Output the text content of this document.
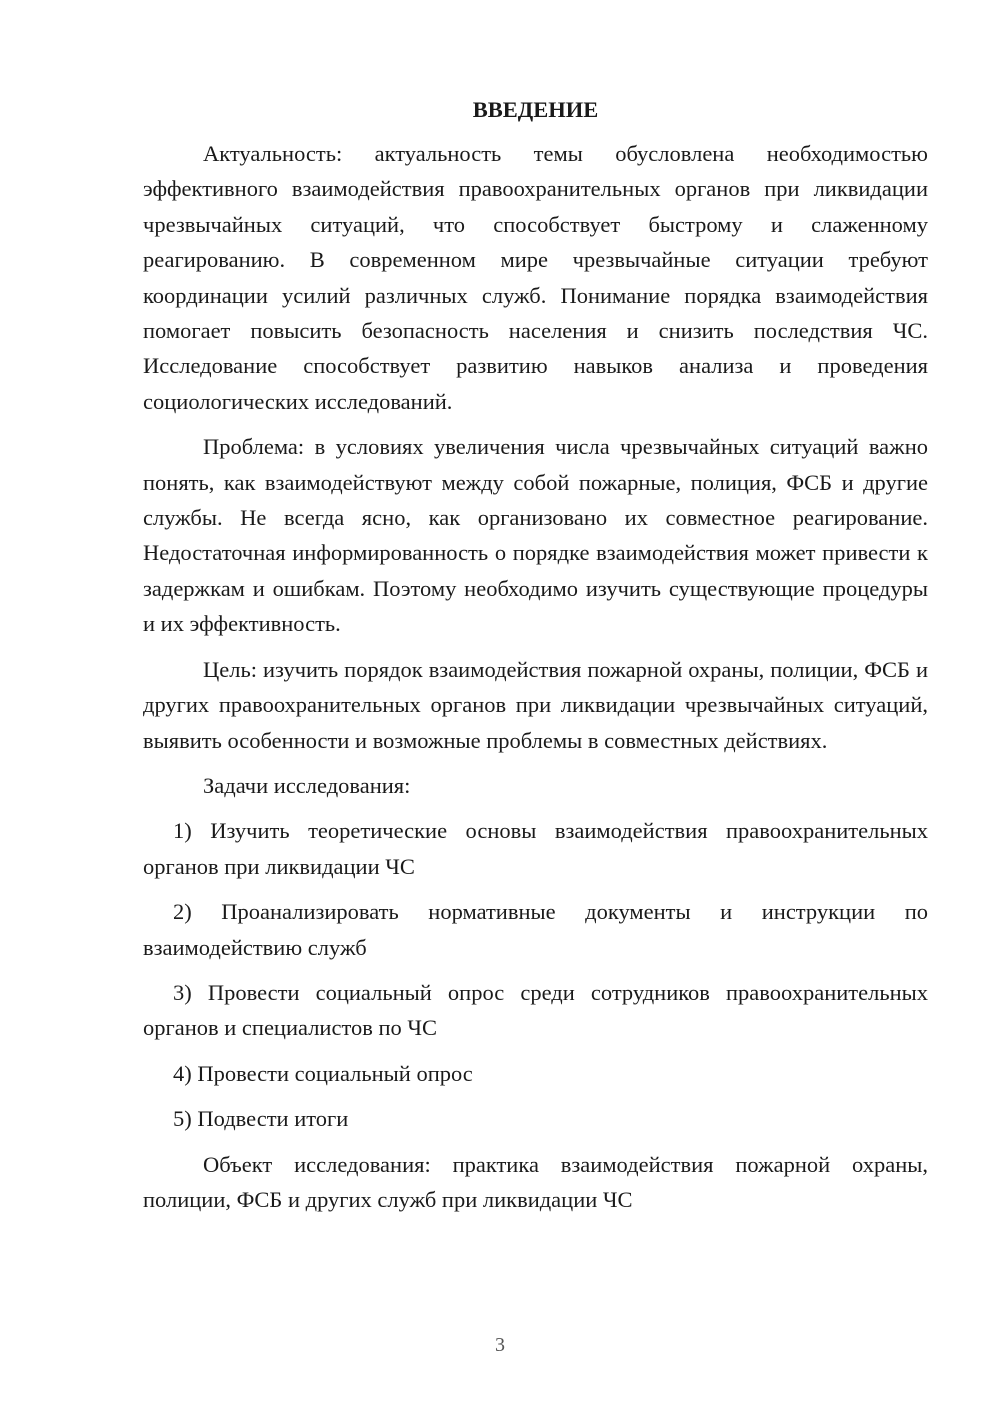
ВВЕДЕНИЕ

Актуальность: актуальность темы обусловлена необходимостью эффективного взаимодействия правоохранительных органов при ликвидации чрезвычайных ситуаций, что способствует быстрому и слаженному реагированию. В современном мире чрезвычайные ситуации требуют координации усилий различных служб. Понимание порядка взаимодействия помогает повысить безопасность населения и снизить последствия ЧС. Исследование способствует развитию навыков анализа и проведения социологических исследований.

Проблема: в условиях увеличения числа чрезвычайных ситуаций важно понять, как взаимодействуют между собой пожарные, полиция, ФСБ и другие службы. Не всегда ясно, как организовано их совместное реагирование. Недостаточная информированность о порядке взаимодействия может привести к задержкам и ошибкам. Поэтому необходимо изучить существующие процедуры и их эффективность.

Цель: изучить порядок взаимодействия пожарной охраны, полиции, ФСБ и других правоохранительных органов при ликвидации чрезвычайных ситуаций, выявить особенности и возможные проблемы в совместных действиях.

Задачи исследования:

1) Изучить теоретические основы взаимодействия правоохранительных органов при ликвидации ЧС

2) Проанализировать нормативные документы и инструкции по взаимодействию служб

3) Провести социальный опрос среди сотрудников правоохранительных органов и специалистов по ЧС

4) Провести социальный опрос

5) Подвести итоги

Объект исследования: практика взаимодействия пожарной охраны, полиции, ФСБ и других служб при ликвидации ЧС

3
